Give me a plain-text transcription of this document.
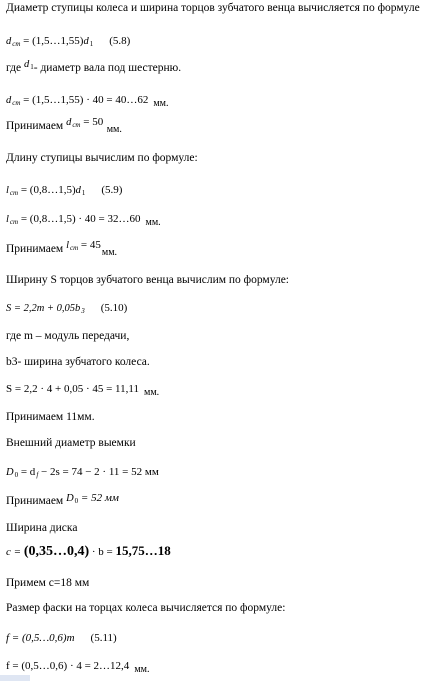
Диаметр ступицы колеса и ширина торцов зубчатого венца вычисляется по формуле
dст = (1,5…1,55)d1 (5.8)
где d1- диаметр вала под шестерню.
dст = (1,5…1,55) · 40 = 40…62 мм.
Принимаем dст = 50 мм.
Длину ступицы вычислим по формуле:
lст = (0,8…1,5)d1 (5.9)
lст = (0,8…1,5) · 40 = 32…60 мм.
Принимаем lст = 45мм.
Ширину S торцов зубчатого венца вычислим по формуле:
S = 2,2m + 0,05b3 (5.10)
где m – модуль передачи,
b3- ширина зубчатого колеса.
S = 2,2 · 4 + 0,05 · 45 = 11,11 мм.
Принимаем 11мм.
Внешний диаметр выемки
D0 = df − 2s = 74 − 2 · 11 = 52 мм
Принимаем D0 = 52 мм
Ширина диска
c = (0,35…0,4) · b = 15,75…18
Примем с=18 мм
Размер фаски на торцах колеса вычисляется по формуле:
f = (0,5…0,6)m (5.11)
f = (0,5…0,6) · 4 = 2…12,4 мм.
